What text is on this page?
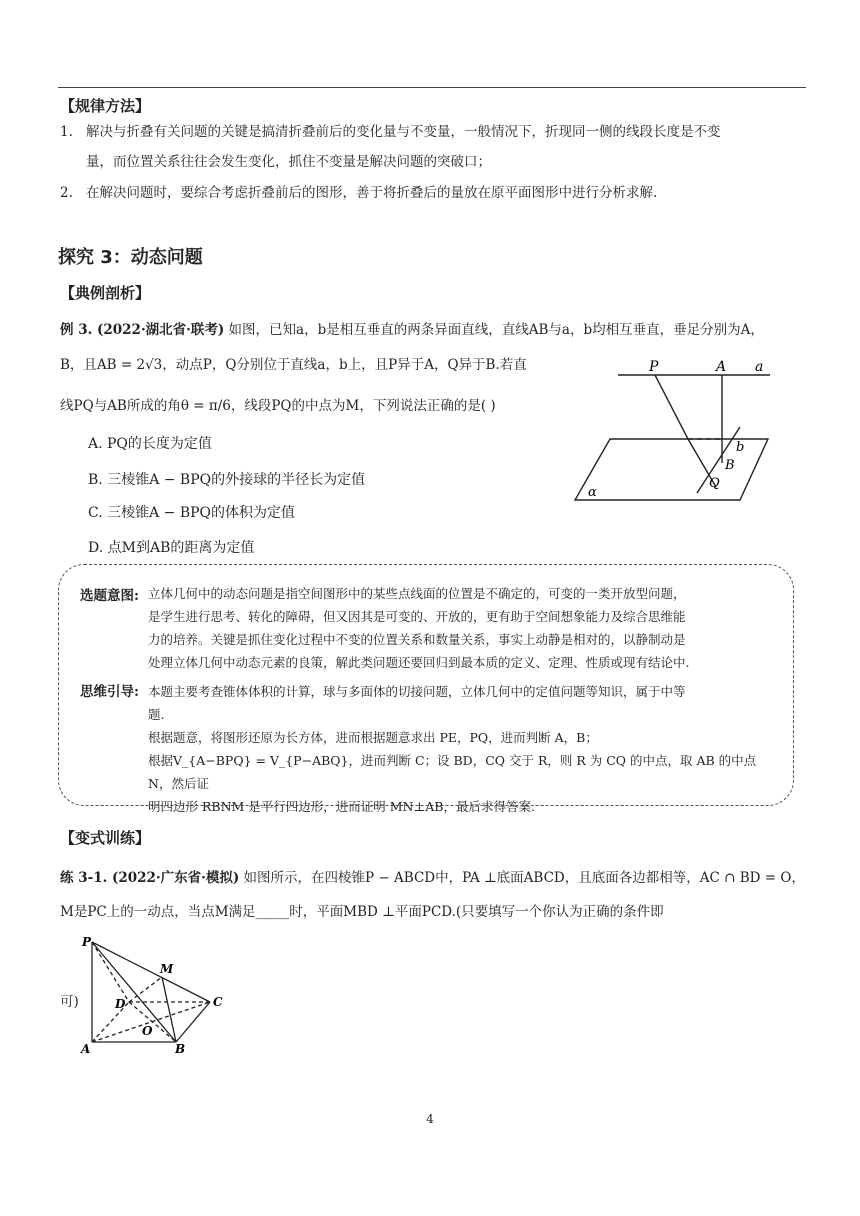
【规律方法】
1. 解决与折叠有关问题的关键是搞清折叠前后的变化量与不变量，一般情况下，折现同一侧的线段长度是不变
量，而位置关系往往会发生变化，抓住不变量是解决问题的突破口；
2. 在解决问题时，要综合考虑折叠前后的图形，善于将折叠后的量放在原平面图形中进行分析求解.
探究 3：动态问题
【典例剖析】
例 3. (2022·湖北省·联考) 如图，已知a，b是相互垂直的两条异面直线，直线AB与a，b均相互垂直，垂足分别为A，
B，且AB = 2√3，动点P，Q分别位于直线a，b上，且P异于A，Q异于B.若直
线PQ与AB所成的角θ = π/6，线段PQ的中点为M，下列说法正确的是( )
A. PQ的长度为定值
B. 三棱锥A − BPQ的外接球的半径长为定值
C. 三棱锥A − BPQ的体积为定值
D. 点M到AB的距离为定值
P	A a
b
B
Q
α
选题意图: 立体几何中的动态问题是指空间图形中的某些点线面的位置是不确定的，可变的一类开放型问题，
是学生进行思考、转化的障碍，但又因其是可变的、开放的，更有助于空间想象能力及综合思维能
力的培养。关键是抓住变化过程中不变的位置关系和数量关系，事实上动静是相对的，以静制动是
处理立体几何中动态元素的良策，解此类问题还要回归到最本质的定义、定理、性质或现有结论中.
思维引导: 本题主要考查锥体体积的计算，球与多面体的切接问题，立体几何中的定值问题等知识，属于中等
题.
根据题意，将图形还原为长方体，进而根据题意求出 PE，PQ，进而判断 A，B；
根据V_{A−BPQ} = V_{P−ABQ}，进而判断 C；设 BD，CQ 交于 R，则 R 为 CQ 的中点，取 AB 的中点 N，然后证
明四边形 RBNM 是平行四边形，进而证明 MN⊥AB，最后求得答案.
【变式训练】
练 3-1. (2022·广东省·模拟) 如图所示，在四棱锥P − ABCD中，PA ⊥底面ABCD，且底面各边都相等，AC ∩ BD = O，
M是PC上的一动点，当点M满足_____时，平面MBD ⊥平面PCD.(只要填写一个你认为正确的条件即
可)
P
M
D	C
O
A	B
4
